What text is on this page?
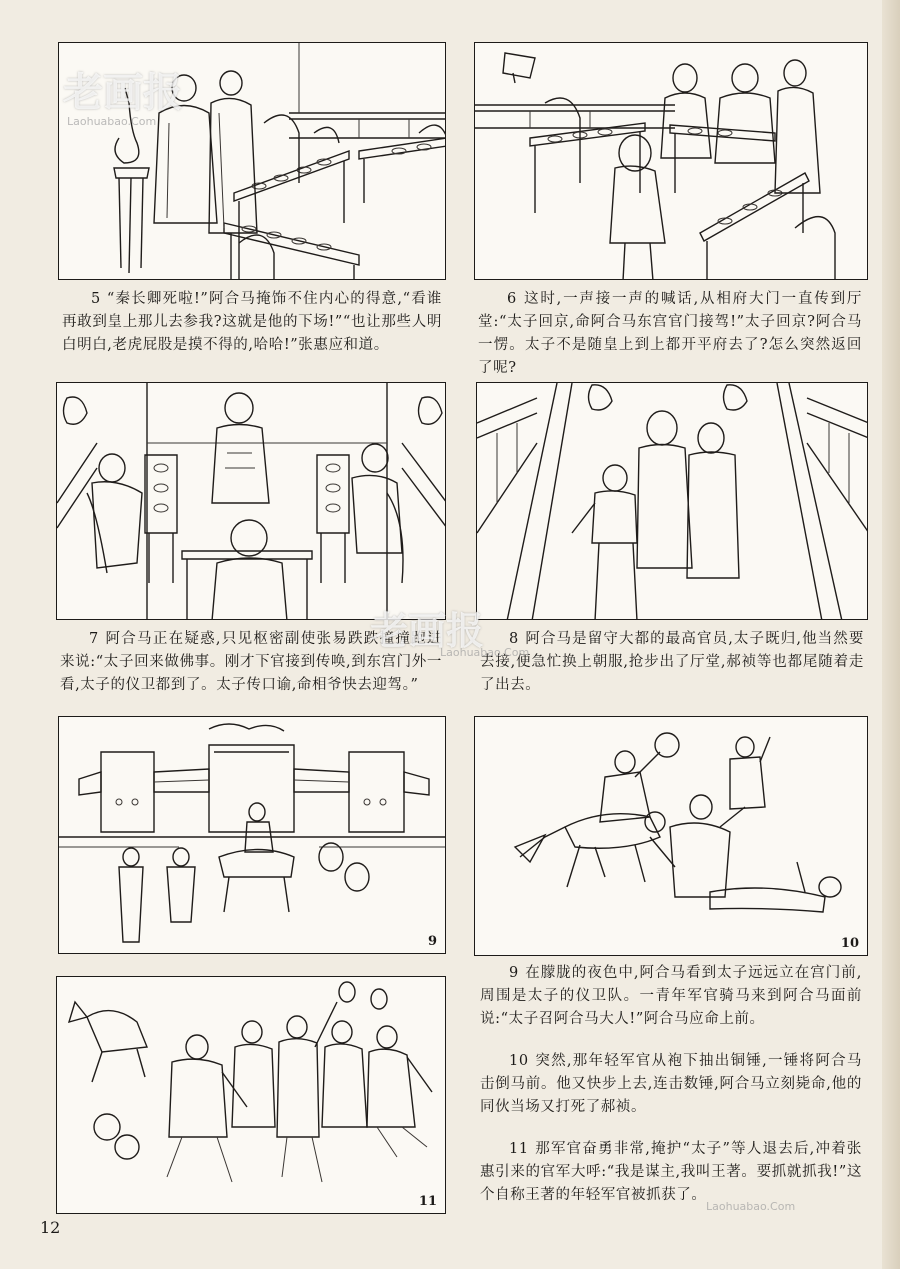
老画报
Laohuabao.Com
5 “秦长卿死啦!”阿合马掩饰不住内心的得意,“看谁再敢到皇上那儿去参我?这就是他的下场!”“也让那些人明白明白,老虎屁股是摸不得的,哈哈!”张惠应和道。
6 这时,一声接一声的喊话,从相府大门一直传到厅堂:“太子回京,命阿合马东宫官门接驾!”太子回京?阿合马一愣。太子不是随皇上到上都开平府去了?怎么突然返回了呢?
7 阿合马正在疑惑,只见枢密副使张易跌跌撞撞跑进来说:“太子回来做佛事。刚才下官接到传唤,到东宫门外一看,太子的仪卫都到了。太子传口谕,命相爷快去迎驾。”
8 阿合马是留守大都的最高官员,太子既归,他当然要去接,便急忙换上朝服,抢步出了厅堂,郝祯等也都尾随着走了出去。
老画报
Laohuabao.Com
9	10
11
9 在朦胧的夜色中,阿合马看到太子远远立在宫门前,周围是太子的仪卫队。一青年军官骑马来到阿合马面前说:“太子召阿合马大人!”阿合马应命上前。
10 突然,那年轻军官从袍下抽出铜锤,一锤将阿合马击倒马前。他又快步上去,连击数锤,阿合马立刻毙命,他的同伙当场又打死了郝祯。
11 那军官奋勇非常,掩护“太子”等人退去后,冲着张惠引来的官军大呼:“我是谋主,我叫王著。要抓就抓我!”这个自称王著的年轻军官被抓获了。
Laohuabao.Com
12
